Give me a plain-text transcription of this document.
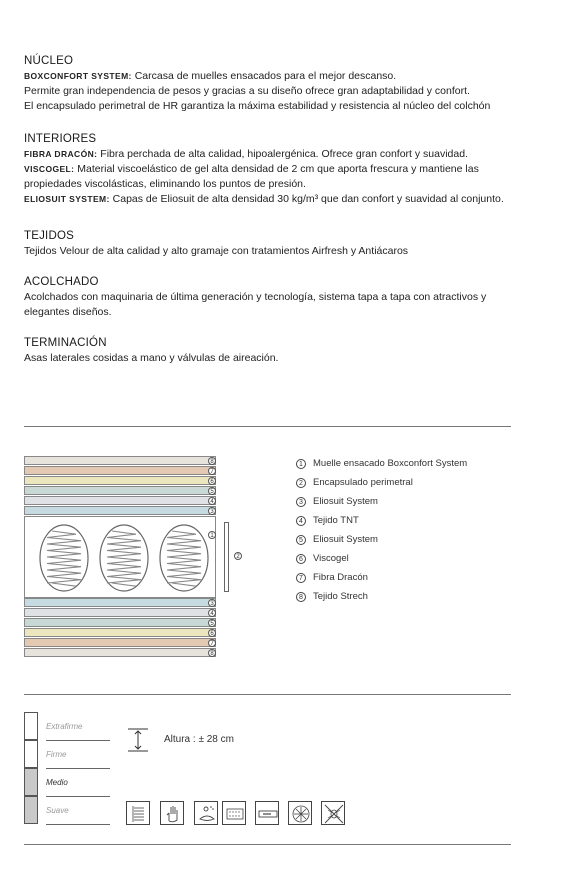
NÚCLEO

BOXCONFORT SYSTEM: Carcasa de muelles ensacados para el mejor descanso.

Permite gran independencia de pesos y gracias a su diseño ofrece gran adaptabilidad y confort.

El encapsulado perimetral de HR garantiza la máxima estabilidad y resistencia al núcleo del colchón

INTERIORES

FIBRA DRACÓN: Fibra perchada de alta calidad, hipoalergénica. Ofrece gran confort y suavidad.

VISCOGEL: Material viscoelástico de gel alta densidad de 2 cm que aporta frescura y mantiene las propiedades viscolásticas, eliminando los puntos de presión.

ELIOSUIT SYSTEM: Capas de Eliosuit de alta densidad 30 kg/m³ que dan confort y suavidad al conjunto.

TEJIDOS

Tejidos Velour de alta calidad y alto gramaje con tratamientos Airfresh y Antiácaros

ACOLCHADO

Acolchados con maquinaria de última generación y tecnología, sistema tapa a tapa con atractivos y elegantes diseños.

TERMINACIÓN

Asas laterales cosidas a mano y válvulas de aireación.

8
7
6
5
4
3
1
2
3
4
5
6
7
8
1	Muelle ensacado Boxconfort System
2	Encapsulado perimetral
3	Eliosuit System
4	Tejido TNT
5	Eliosuit System
6	Viscogel
7	Fibra Dracón
8	Tejido Strech
Extrafirme
Firme
Medio
Suave
Altura : ± 28 cm
